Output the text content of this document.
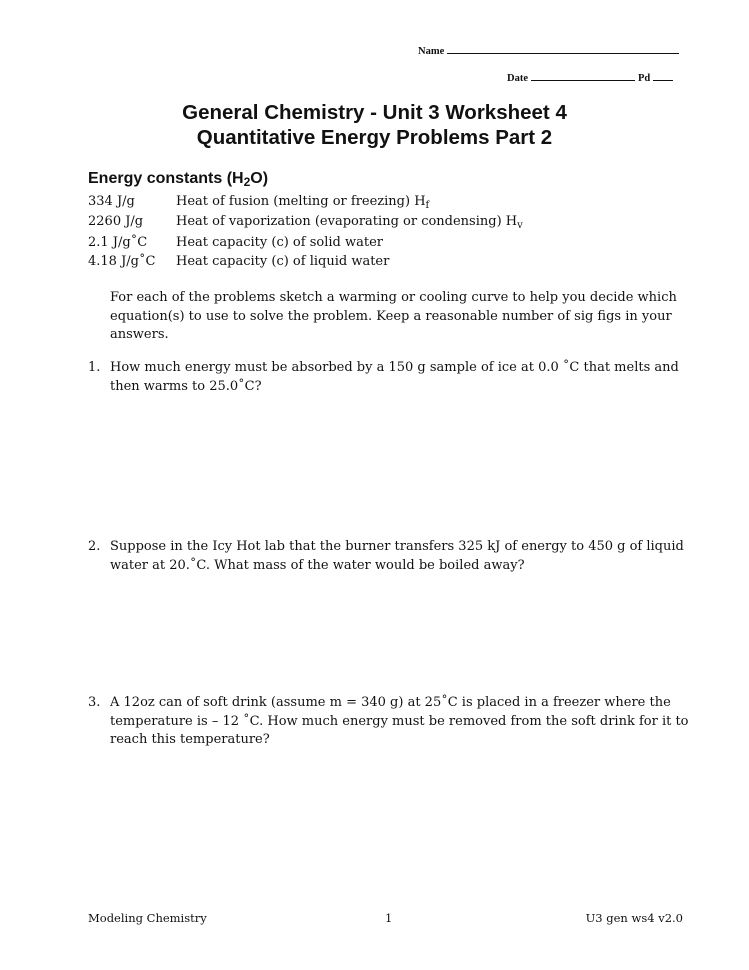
Name
Date	Pd
General Chemistry - Unit 3 Worksheet 4
Quantitative Energy Problems Part 2
Energy constants $(H_2O)$
334 J/g	Heat of fusion (melting or freezing) $H_f$
2260 J/g	Heat of vaporization (evaporating or condensing) $H_v$
2.1 J/g˚C Heat capacity (c) of solid water
4.18 J/g˚C Heat capacity (c) of liquid water
For each of the problems sketch a warming or cooling curve to help you decide which equation(s) to use to solve the problem. Keep a reasonable number of sig figs in your answers.
1. How much energy must be absorbed by a 150 g sample of ice at 0.0 ˚C that melts and then warms to 25.0˚C?
2. Suppose in the Icy Hot lab that the burner transfers 325 kJ of energy to 450 g of liquid water at 20.˚C. What mass of the water would be boiled away?
3. A 12oz can of soft drink (assume m = 340 g) at 25˚C is placed in a freezer where the temperature is – 12 ˚C. How much energy must be removed from the soft drink for it to reach this temperature?
Modeling Chemistry	1	U3 gen ws4 v2.0
